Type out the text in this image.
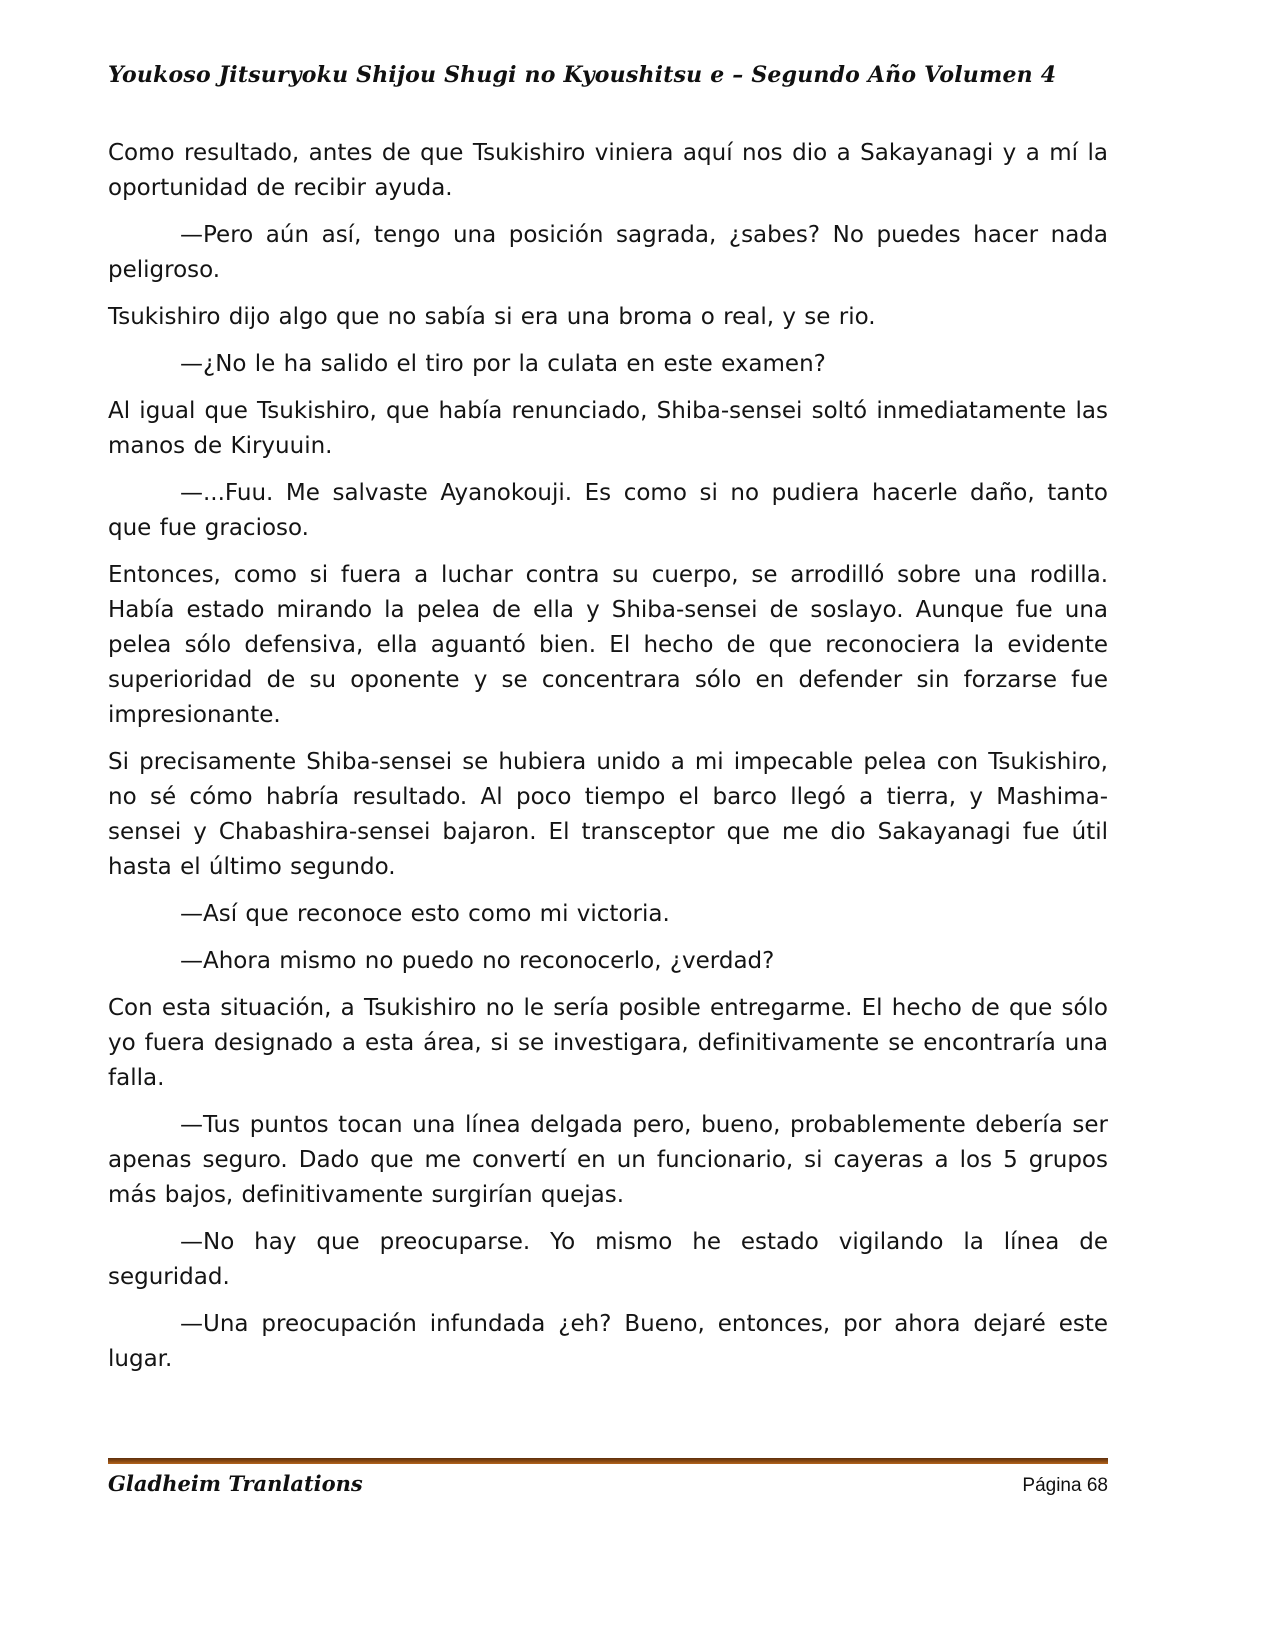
Youkoso Jitsuryoku Shijou Shugi no Kyoushitsu e – Segundo Año Volumen 4

Como resultado, antes de que Tsukishiro viniera aquí nos dio a Sakayanagi y a mí la oportunidad de recibir ayuda.

—Pero aún así, tengo una posición sagrada, ¿sabes? No puedes hacer nada peligroso.

Tsukishiro dijo algo que no sabía si era una broma o real, y se rio.

—¿No le ha salido el tiro por la culata en este examen?

Al igual que Tsukishiro, que había renunciado, Shiba-sensei soltó inmediatamente las manos de Kiryuuin.

—...Fuu. Me salvaste Ayanokouji. Es como si no pudiera hacerle daño, tanto que fue gracioso.

Entonces, como si fuera a luchar contra su cuerpo, se arrodilló sobre una rodilla. Había estado mirando la pelea de ella y Shiba-sensei de soslayo. Aunque fue una pelea sólo defensiva, ella aguantó bien. El hecho de que reconociera la evidente superioridad de su oponente y se concentrara sólo en defender sin forzarse fue impresionante.

Si precisamente Shiba-sensei se hubiera unido a mi impecable pelea con Tsukishiro, no sé cómo habría resultado. Al poco tiempo el barco llegó a tierra, y Mashima-sensei y Chabashira-sensei bajaron. El transceptor que me dio Sakayanagi fue útil hasta el último segundo.

—Así que reconoce esto como mi victoria.

—Ahora mismo no puedo no reconocerlo, ¿verdad?

Con esta situación, a Tsukishiro no le sería posible entregarme. El hecho de que sólo yo fuera designado a esta área, si se investigara, definitivamente se encontraría una falla.

—Tus puntos tocan una línea delgada pero, bueno, probablemente debería ser apenas seguro. Dado que me convertí en un funcionario, si cayeras a los 5 grupos más bajos, definitivamente surgirían quejas.

—No hay que preocuparse. Yo mismo he estado vigilando la línea de seguridad.

—Una preocupación infundada ¿eh? Bueno, entonces, por ahora dejaré este lugar.

Gladheim Tranlations	Página 68
